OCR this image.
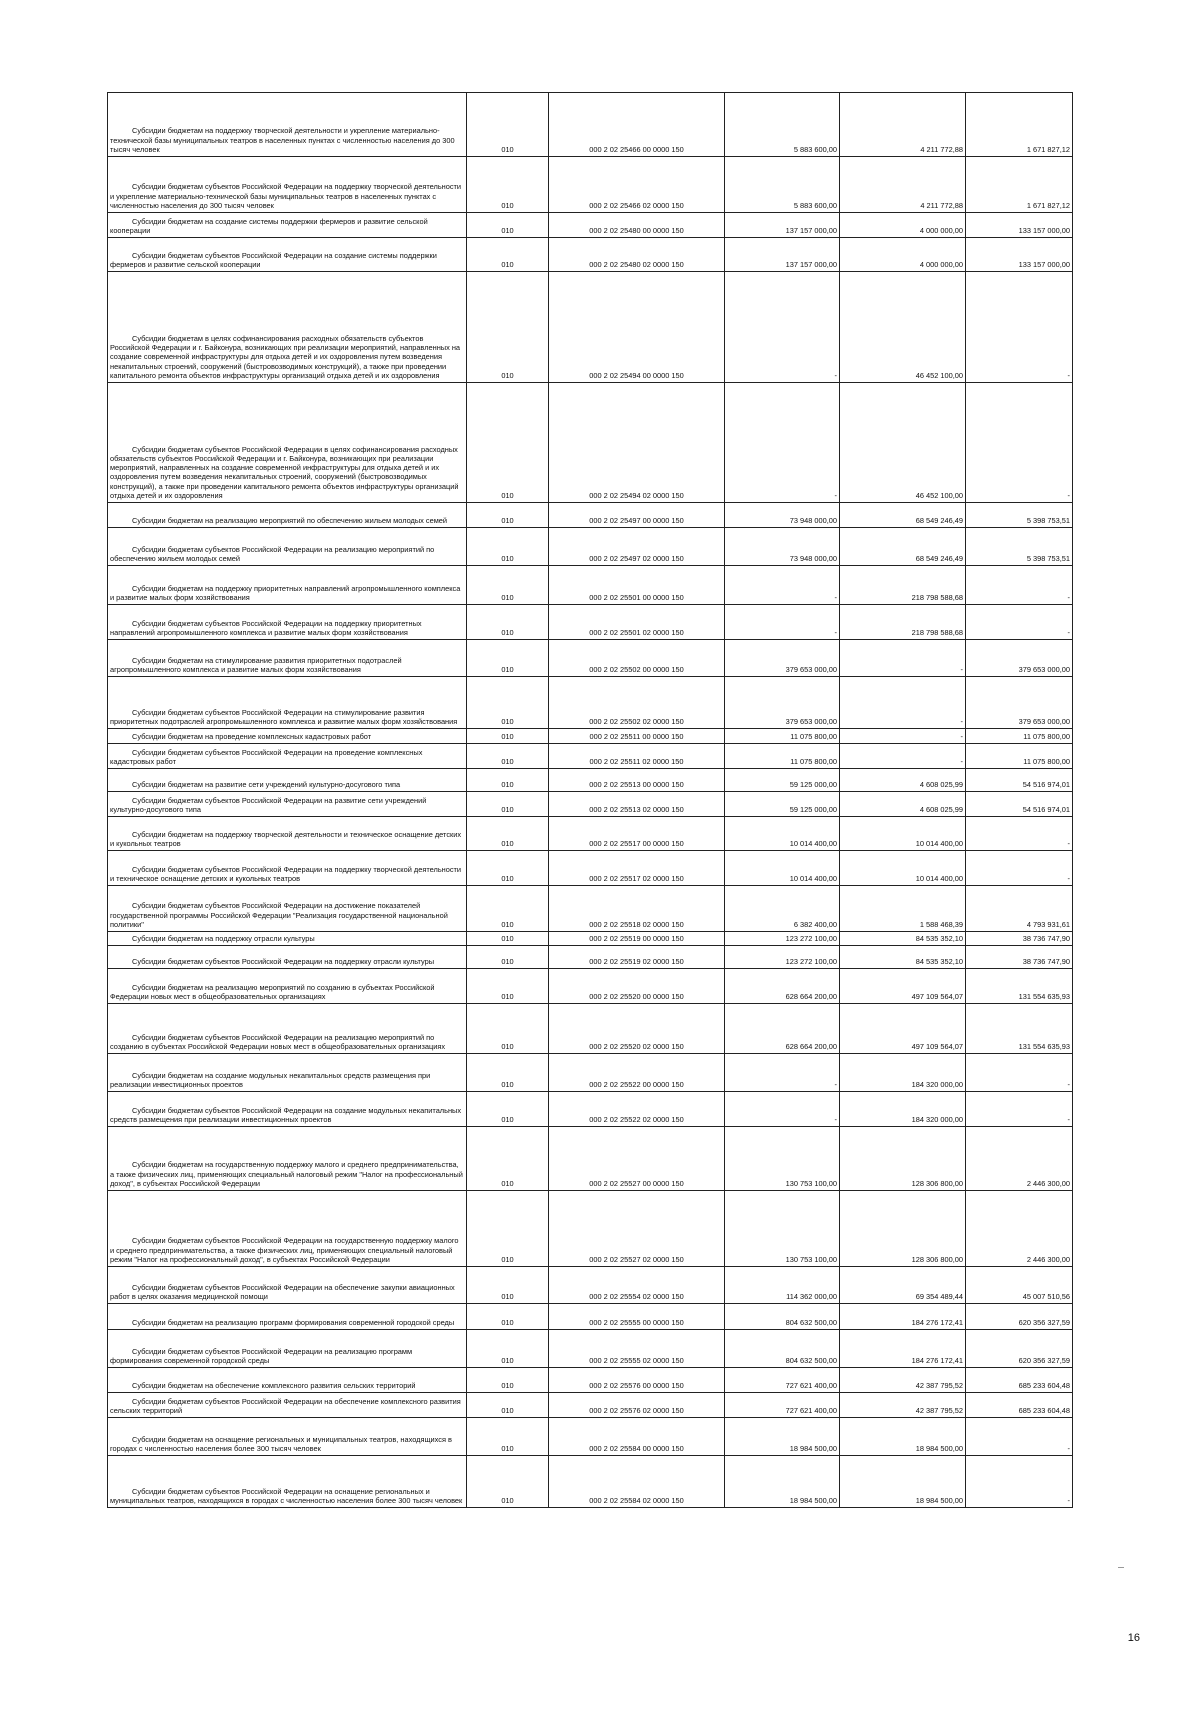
Субсидии бюджетам на поддержку творческой деятельности и укрепление материально-технической базы муниципальных театров в населенных пунктах с численностью населения до 300 тысяч человек	010	000 2 02 25466 00 0000 150	5 883 600,00	4 211 772,88	1 671 827,12

Субсидии бюджетам субъектов Российской Федерации на поддержку творческой деятельности и укрепление материально-технической базы муниципальных театров в населенных пунктах с численностью населения до 300 тысяч человек	010	000 2 02 25466 02 0000 150	5 883 600,00	4 211 772,88	1 671 827,12

Субсидии бюджетам на создание системы поддержки фермеров и развитие сельской кооперации	010	000 2 02 25480 00 0000 150	137 157 000,00	4 000 000,00	133 157 000,00

Субсидии бюджетам субъектов Российской Федерации на создание системы поддержки фермеров и развитие сельской кооперации	010	000 2 02 25480 02 0000 150	137 157 000,00	4 000 000,00	133 157 000,00

Субсидии бюджетам в целях софинансирования расходных обязательств субъектов Российской Федерации и г. Байконура, возникающих при реализации мероприятий, направленных на создание современной инфраструктуры для отдыха детей и их оздоровления путем возведения некапитальных строений, сооружений (быстровозводимых конструкций), а также при проведении капитального ремонта объектов инфраструктуры организаций отдыха детей и их оздоровления	010	000 2 02 25494 00 0000 150	-	46 452 100,00	-

Субсидии бюджетам субъектов Российской Федерации в целях софинансирования расходных обязательств субъектов Российской Федерации и г. Байконура, возникающих при реализации мероприятий, направленных на создание современной инфраструктуры для отдыха детей и их оздоровления путем возведения некапитальных строений, сооружений (быстровозводимых конструкций), а также при проведении капитального ремонта объектов инфраструктуры организаций отдыха детей и их оздоровления	010	000 2 02 25494 02 0000 150	-	46 452 100,00	-

Субсидии бюджетам на реализацию мероприятий по обеспечению жильем молодых семей	010	000 2 02 25497 00 0000 150	73 948 000,00	68 549 246,49	5 398 753,51

Субсидии бюджетам субъектов Российской Федерации на реализацию мероприятий по обеспечению жильем молодых семей	010	000 2 02 25497 02 0000 150	73 948 000,00	68 549 246,49	5 398 753,51

Субсидии бюджетам на поддержку приоритетных направлений агропромышленного комплекса и развитие малых форм хозяйствования	010	000 2 02 25501 00 0000 150	-	218 798 588,68	-

Субсидии бюджетам субъектов Российской Федерации на поддержку приоритетных направлений агропромышленного комплекса и развитие малых форм хозяйствования	010	000 2 02 25501 02 0000 150	-	218 798 588,68	-

Субсидии бюджетам на стимулирование развития приоритетных подотраслей агропромышленного комплекса и развитие малых форм хозяйствования	010	000 2 02 25502 00 0000 150	379 653 000,00	-	379 653 000,00

Субсидии бюджетам субъектов Российской Федерации на стимулирование развития приоритетных подотраслей агропромышленного комплекса и развитие малых форм хозяйствования	010	000 2 02 25502 02 0000 150	379 653 000,00	-	379 653 000,00

Субсидии бюджетам на проведение комплексных кадастровых работ	010	000 2 02 25511 00 0000 150	11 075 800,00	-	11 075 800,00

Субсидии бюджетам субъектов Российской Федерации на проведение комплексных кадастровых работ	010	000 2 02 25511 02 0000 150	11 075 800,00	-	11 075 800,00

Субсидии бюджетам на развитие сети учреждений культурно-досугового типа	010	000 2 02 25513 00 0000 150	59 125 000,00	4 608 025,99	54 516 974,01

Субсидии бюджетам субъектов Российской Федерации на развитие сети учреждений культурно-досугового типа	010	000 2 02 25513 02 0000 150	59 125 000,00	4 608 025,99	54 516 974,01

Субсидии бюджетам на поддержку творческой деятельности и техническое оснащение детских и кукольных театров	010	000 2 02 25517 00 0000 150	10 014 400,00	10 014 400,00	-

Субсидии бюджетам субъектов Российской Федерации на поддержку творческой деятельности и техническое оснащение детских и кукольных театров	010	000 2 02 25517 02 0000 150	10 014 400,00	10 014 400,00	-

Субсидии бюджетам субъектов Российской Федерации на достижение показателей государственной программы Российской Федерации "Реализация государственной национальной политики"	010	000 2 02 25518 02 0000 150	6 382 400,00	1 588 468,39	4 793 931,61

Субсидии бюджетам на поддержку отрасли культуры	010	000 2 02 25519 00 0000 150	123 272 100,00	84 535 352,10	38 736 747,90

Субсидии бюджетам субъектов Российской Федерации на поддержку отрасли культуры	010	000 2 02 25519 02 0000 150	123 272 100,00	84 535 352,10	38 736 747,90

Субсидии бюджетам на реализацию мероприятий по созданию в субъектах Российской Федерации новых мест в общеобразовательных организациях	010	000 2 02 25520 00 0000 150	628 664 200,00	497 109 564,07	131 554 635,93

Субсидии бюджетам субъектов Российской Федерации на реализацию мероприятий по созданию в субъектах Российской Федерации новых мест в общеобразовательных организациях	010	000 2 02 25520 02 0000 150	628 664 200,00	497 109 564,07	131 554 635,93

Субсидии бюджетам на создание модульных некапитальных средств размещения при реализации инвестиционных проектов	010	000 2 02 25522 00 0000 150	-	184 320 000,00	-

Субсидии бюджетам субъектов Российской Федерации на создание модульных некапитальных средств размещения при реализации инвестиционных проектов	010	000 2 02 25522 02 0000 150	-	184 320 000,00	-

Субсидии бюджетам на государственную поддержку малого и среднего предпринимательства, а также физических лиц, применяющих специальный налоговый режим "Налог на профессиональный доход", в субъектах Российской Федерации	010	000 2 02 25527 00 0000 150	130 753 100,00	128 306 800,00	2 446 300,00

Субсидии бюджетам субъектов Российской Федерации на государственную поддержку малого и среднего предпринимательства, а также физических лиц, применяющих специальный налоговый режим "Налог на профессиональный доход", в субъектах Российской Федерации	010	000 2 02 25527 02 0000 150	130 753 100,00	128 306 800,00	2 446 300,00

Субсидии бюджетам субъектов Российской Федерации на обеспечение закупки авиационных работ в целях оказания медицинской помощи	010	000 2 02 25554 02 0000 150	114 362 000,00	69 354 489,44	45 007 510,56

Субсидии бюджетам на реализацию программ формирования современной городской среды	010	000 2 02 25555 00 0000 150	804 632 500,00	184 276 172,41	620 356 327,59

Субсидии бюджетам субъектов Российской Федерации на реализацию программ формирования современной городской среды	010	000 2 02 25555 02 0000 150	804 632 500,00	184 276 172,41	620 356 327,59

Субсидии бюджетам на обеспечение комплексного развития сельских территорий	010	000 2 02 25576 00 0000 150	727 621 400,00	42 387 795,52	685 233 604,48

Субсидии бюджетам субъектов Российской Федерации на обеспечение комплексного развития сельских территорий	010	000 2 02 25576 02 0000 150	727 621 400,00	42 387 795,52	685 233 604,48

Субсидии бюджетам на оснащение региональных и муниципальных театров, находящихся в городах с численностью населения более 300 тысяч человек	010	000 2 02 25584 00 0000 150	18 984 500,00	18 984 500,00	-

Субсидии бюджетам субъектов Российской Федерации на оснащение региональных и муниципальных театров, находящихся в городах с численностью населения более 300 тысяч человек	010	000 2 02 25584 02 0000 150	18 984 500,00	18 984 500,00	-
16
